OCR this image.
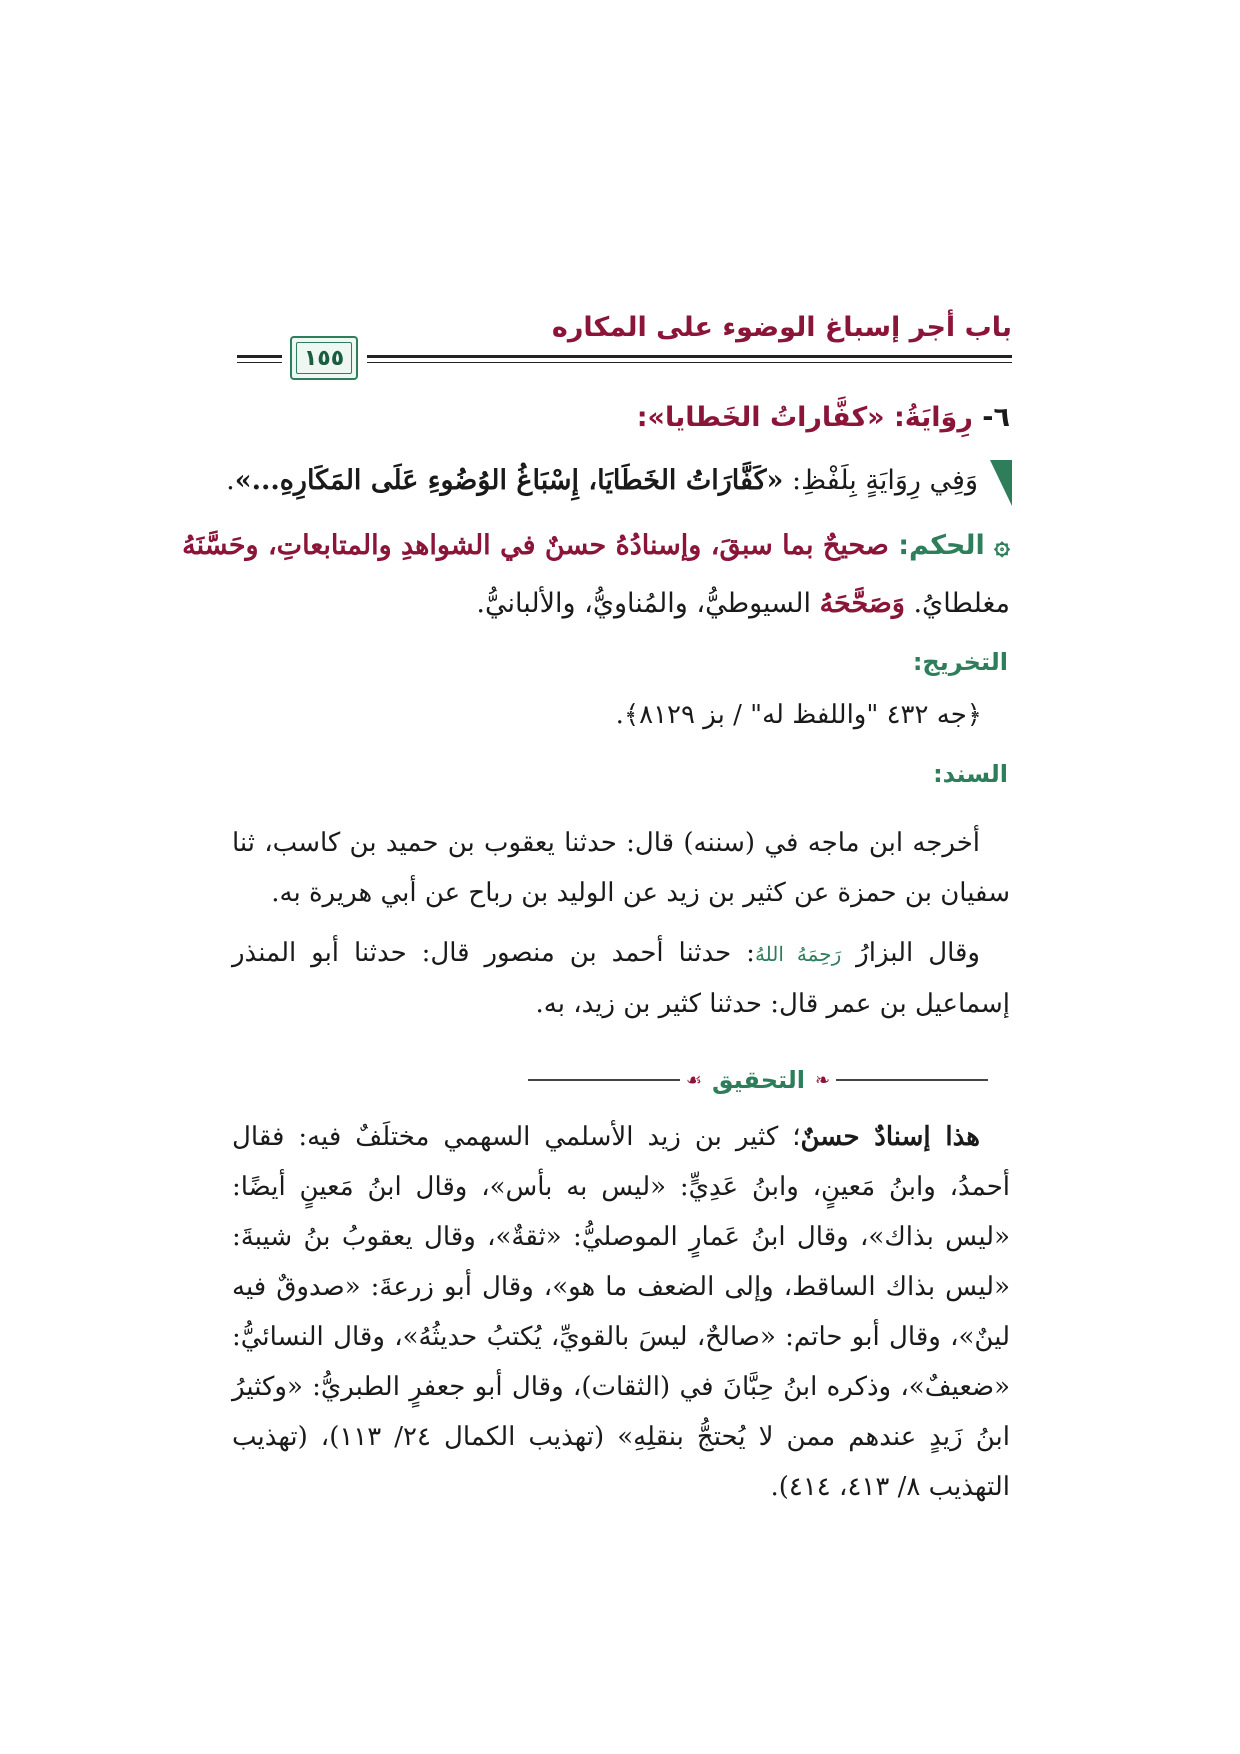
باب أجر إسباغ الوضوء على المكاره
١٥٥
٦- رِوَايَةُ: «كفَّاراتُ الخَطايا»:
وَفِي رِوَايَةٍ بِلَفْظِ: «كَفَّارَاتُ الخَطَايَا، إِسْبَاغُ الوُضُوءِ عَلَى المَكَارِهِ...».
۞ الحكم: صحيحٌ بما سبقَ، وإسنادُهُ حسنٌ في الشواهدِ والمتابعاتِ، وحَسَّنَهُ
مغلطايُ. وَصَحَّحَهُ السيوطيُّ، والمُناويُّ، والألبانيُّ.
التخريج:
﴿جه ٤٣٢ "واللفظ له" / بز ٨١٢٩﴾.
السند:
أخرجه ابن ماجه في (سننه) قال: حدثنا يعقوب بن حميد بن كاسب، ثنا سفيان بن حمزة عن كثير بن زيد عن الوليد بن رباح عن أبي هريرة به.
وقال البزارُ رَحِمَهُ اللهُ: حدثنا أحمد بن منصور قال: حدثنا أبو المنذر إسماعيل بن عمر قال: حدثنا كثير بن زيد، به.
❧
التحقيق
☙
هذا إسنادٌ حسنٌ؛ كثير بن زيد الأسلمي السهمي مختلَفٌ فيه: فقال أحمدُ، وابنُ مَعينٍ، وابنُ عَدِيٍّ: «ليس به بأس»، وقال ابنُ مَعينٍ أيضًا: «ليس بذاك»، وقال ابنُ عَمارٍ الموصليُّ: «ثقةٌ»، وقال يعقوبُ بنُ شيبةَ: «ليس بذاك الساقط، وإلى الضعف ما هو»، وقال أبو زرعةَ: «صدوقٌ فيه لينٌ»، وقال أبو حاتم: «صالحٌ، ليسَ بالقويِّ، يُكتبُ حديثُهُ»، وقال النسائيُّ: «ضعيفٌ»، وذكره ابنُ حِبَّانَ في (الثقات)، وقال أبو جعفرٍ الطبريُّ: «وكثيرُ ابنُ زَيدٍ عندهم ممن لا يُحتجُّ بنقلِهِ» (تهذيب الكمال ٢٤/ ١١٣)، (تهذيب التهذيب ٨/ ٤١٣، ٤١٤).
